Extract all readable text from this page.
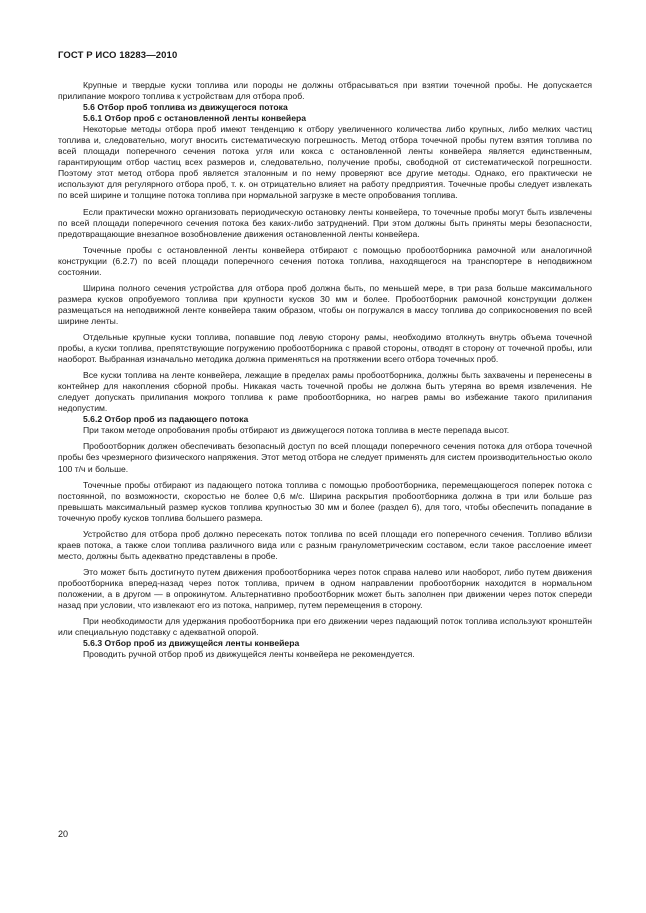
ГОСТ Р ИСО 18283—2010

Крупные и твердые куски топлива или породы не должны отбрасываться при взятии точечной пробы. Не допускается прилипание мокрого топлива к устройствам для отбора проб.

5.6 Отбор проб топлива из движущегося потока

5.6.1 Отбор проб с остановленной ленты конвейера

Некоторые методы отбора проб имеют тенденцию к отбору увеличенного количества либо крупных, либо мелких частиц топлива и, следовательно, могут вносить систематическую погрешность. Метод отбора точечной пробы путем взятия топлива по всей площади поперечного сечения потока угля или кокса с остановленной ленты конвейера является единственным, гарантирующим отбор частиц всех размеров и, следовательно, получение пробы, свободной от систематической погрешности. Поэтому этот метод отбора проб является эталонным и по нему проверяют все другие методы. Однако, его практически не используют для регулярного отбора проб, т. к. он отрицательно влияет на работу предприятия. Точечные пробы следует извлекать по всей ширине и толщине потока топлива при нормальной загрузке в месте опробования топлива.

Если практически можно организовать периодическую остановку ленты конвейера, то точечные пробы могут быть извлечены по всей площади поперечного сечения потока без каких-либо затруднений. При этом должны быть приняты меры безопасности, предотвращающие внезапное возобновление движения остановленной ленты конвейера.

Точечные пробы с остановленной ленты конвейера отбирают с помощью пробоотборника рамочной или аналогичной конструкции (6.2.7) по всей площади поперечного сечения потока топлива, находящегося на транспортере в неподвижном состоянии.

Ширина полного сечения устройства для отбора проб должна быть, по меньшей мере, в три раза больше максимального размера кусков опробуемого топлива при крупности кусков 30 мм и более. Пробоотборник рамочной конструкции должен размещаться на неподвижной ленте конвейера таким образом, чтобы он погружался в массу топлива до соприкосновения по всей ширине ленты.

Отдельные крупные куски топлива, попавшие под левую сторону рамы, необходимо втолкнуть внутрь объема точечной пробы, а куски топлива, препятствующие погружению пробоотборника с правой стороны, отводят в сторону от точечной пробы, или наоборот. Выбранная изначально методика должна применяться на протяжении всего отбора точечных проб.

Все куски топлива на ленте конвейера, лежащие в пределах рамы пробоотборника, должны быть захвачены и перенесены в контейнер для накопления сборной пробы. Никакая часть точечной пробы не должна быть утеряна во время извлечения. Не следует допускать прилипания мокрого топлива к раме пробоотборника, но нагрев рамы во избежание такого прилипания недопустим.

5.6.2 Отбор проб из падающего потока

При таком методе опробования пробы отбирают из движущегося потока топлива в месте перепада высот.

Пробоотборник должен обеспечивать безопасный доступ по всей площади поперечного сечения потока для отбора точечной пробы без чрезмерного физического напряжения. Этот метод отбора не следует применять для систем производительностью около 100 т/ч и больше.

Точечные пробы отбирают из падающего потока топлива с помощью пробоотборника, перемещающегося поперек потока с постоянной, по возможности, скоростью не более 0,6 м/с. Ширина раскрытия пробоотборника должна в три или больше раз превышать максимальный размер кусков топлива крупностью 30 мм и более (раздел 6), для того, чтобы обеспечить попадание в точечную пробу кусков топлива большего размера.

Устройство для отбора проб должно пересекать поток топлива по всей площади его поперечного сечения. Топливо вблизи краев потока, а также слои топлива различного вида или с разным гранулометрическим составом, если такое расслоение имеет место, должны быть адекватно представлены в пробе.

Это может быть достигнуто путем движения пробоотборника через поток справа налево или наоборот, либо путем движения пробоотборника вперед-назад через поток топлива, причем в одном направлении пробоотборник находится в нормальном положении, а в другом — в опрокинутом. Альтернативно пробоотборник может быть заполнен при движении через поток спереди назад при условии, что извлекают его из потока, например, путем перемещения в сторону.

При необходимости для удержания пробоотборника при его движении через падающий поток топлива используют кронштейн или специальную подставку с адекватной опорой.

5.6.3 Отбор проб из движущейся ленты конвейера

Проводить ручной отбор проб из движущейся ленты конвейера не рекомендуется.

20
